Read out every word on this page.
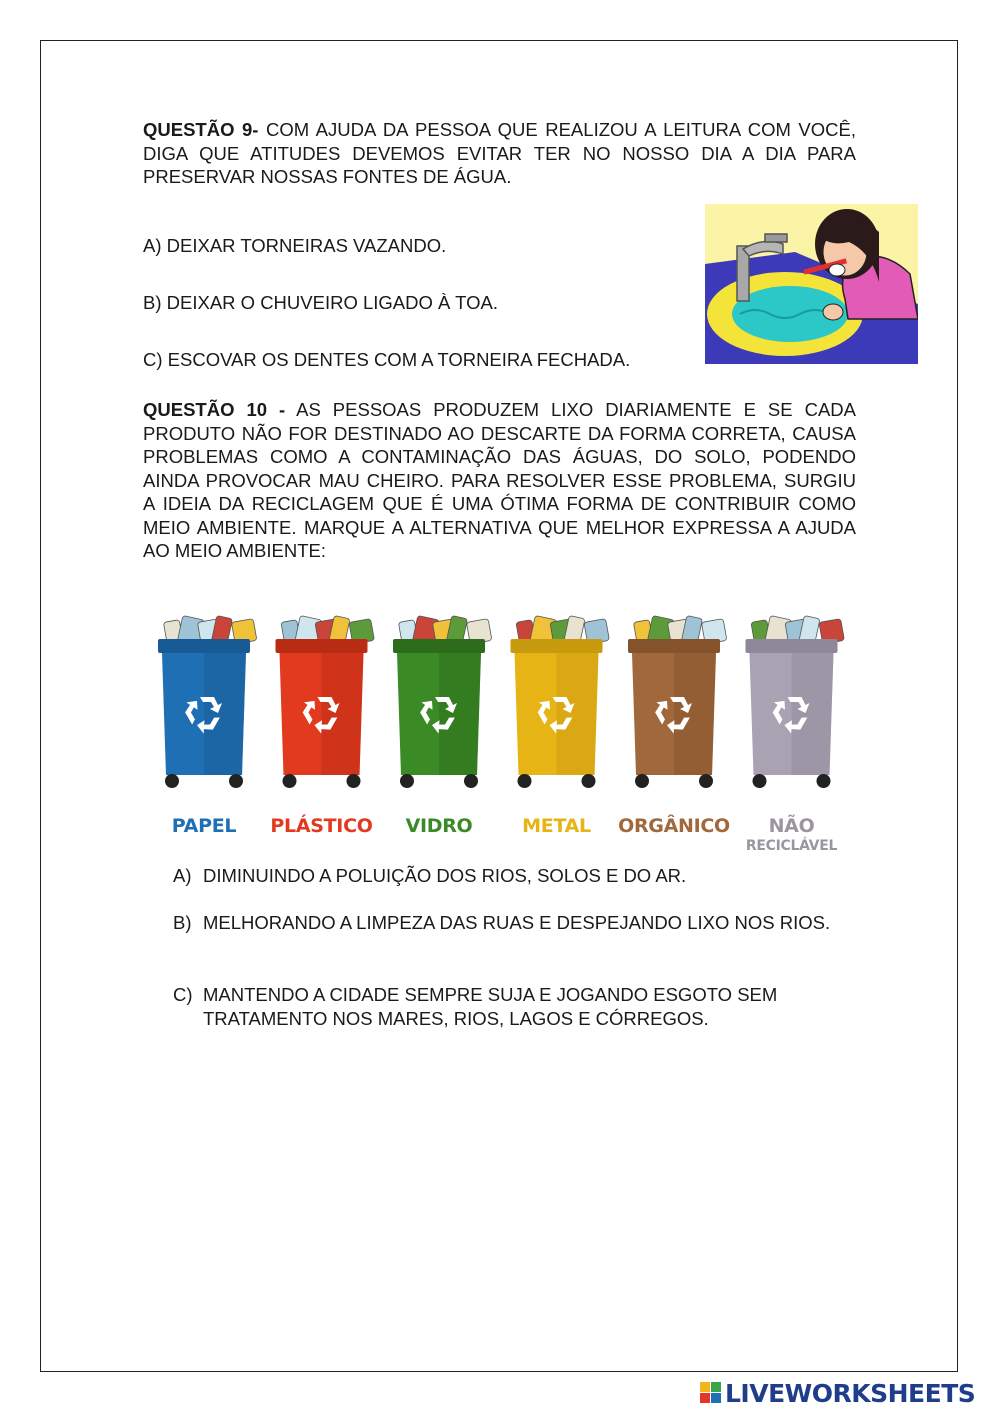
QUESTÃO 9- COM AJUDA DA PESSOA QUE REALIZOU A LEITURA COM VOCÊ, DIGA QUE ATITUDES DEVEMOS EVITAR TER NO NOSSO DIA A DIA PARA PRESERVAR NOSSAS FONTES DE ÁGUA.
A) DEIXAR TORNEIRAS VAZANDO.
B) DEIXAR O CHUVEIRO LIGADO À TOA.
C) ESCOVAR OS DENTES COM A TORNEIRA FECHADA.
QUESTÃO 10 - AS PESSOAS PRODUZEM LIXO DIARIAMENTE E SE CADA PRODUTO NÃO FOR DESTINADO AO DESCARTE DA FORMA CORRETA, CAUSA PROBLEMAS COMO A CONTAMINAÇÃO DAS ÁGUAS, DO SOLO, PODENDO AINDA PROVOCAR MAU CHEIRO. PARA RESOLVER ESSE PROBLEMA, SURGIU A IDEIA DA RECICLAGEM QUE É UMA ÓTIMA FORMA DE CONTRIBUIR COMO MEIO AMBIENTE. MARQUE A ALTERNATIVA QUE MELHOR EXPRESSA A AJUDA AO MEIO AMBIENTE:
PAPEL	PLÁSTICO	VIDRO	METAL	ORGÂNICO	NÃO
RECICLÁVEL
A) DIMINUINDO A POLUIÇÃO DOS RIOS, SOLOS E DO AR.
B) MELHORANDO A LIMPEZA DAS RUAS E DESPEJANDO LIXO NOS RIOS.
C) MANTENDO A CIDADE SEMPRE SUJA E JOGANDO ESGOTO SEM TRATAMENTO NOS MARES, RIOS, LAGOS E CÓRREGOS.
LIVEWORKSHEETS
